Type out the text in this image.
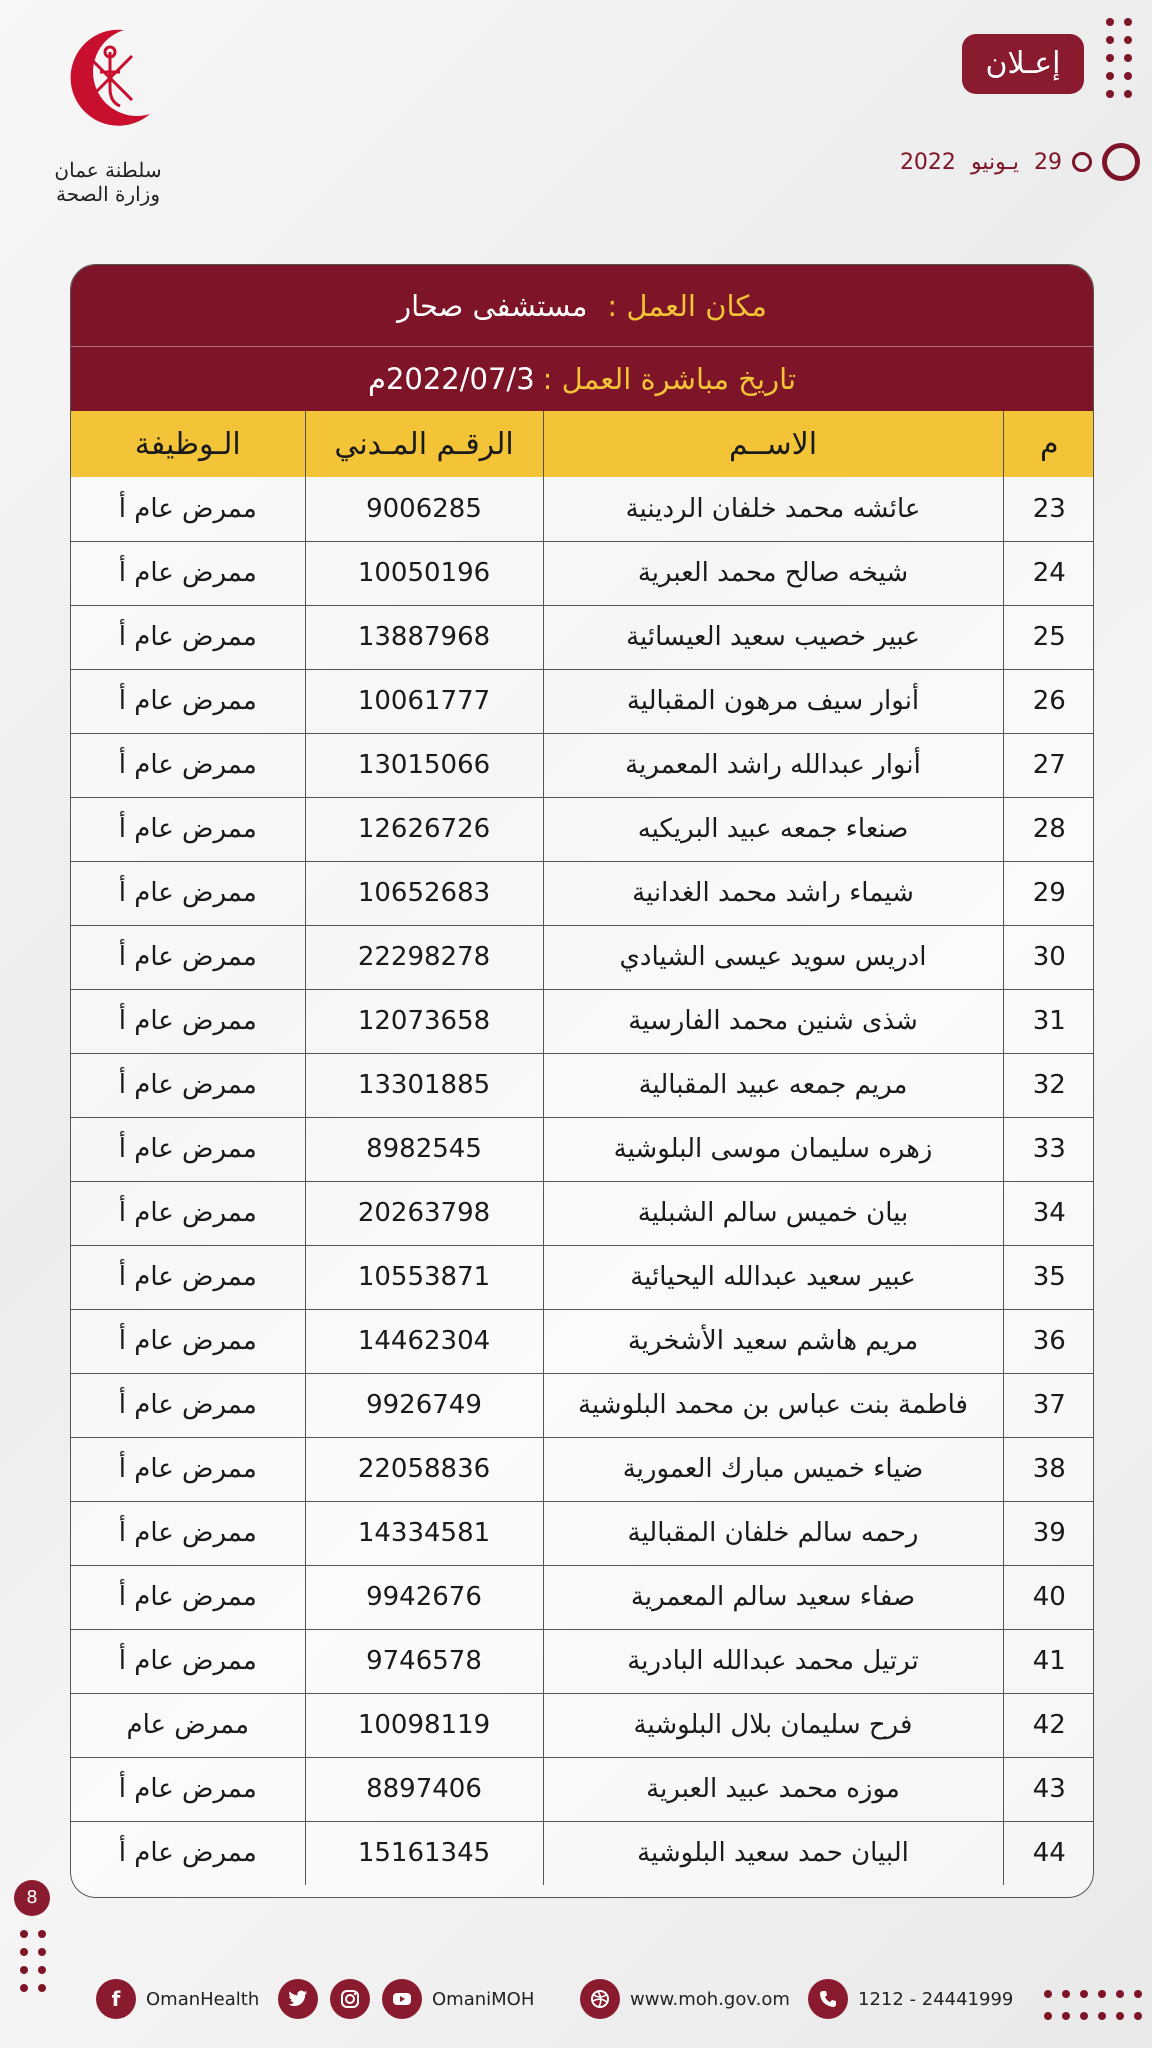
سلطنة عمان
وزارة الصحة
إعـلان
29 يـونيو 2022
مكان العمل :
مستشفى صحار
تاريخ مباشرة العمل :
2022/07/3م
م	الاســم	الرقـم المـدني	الـوظيفة
23	عائشه محمد خلفان الردينية	9006285	ممرض عام أ
24	شيخه صالح محمد العبرية	10050196	ممرض عام أ
25	عبير خصيب سعيد العيسائية	13887968	ممرض عام أ
26	أنوار سيف مرهون المقبالية	10061777	ممرض عام أ
27	أنوار عبدالله راشد المعمرية	13015066	ممرض عام أ
28	صنعاء جمعه عبيد البريكيه	12626726	ممرض عام أ
29	شيماء راشد محمد الغدانية	10652683	ممرض عام أ
30	ادريس سويد عيسى الشيادي	22298278	ممرض عام أ
31	شذى شنين محمد الفارسية	12073658	ممرض عام أ
32	مريم جمعه عبيد المقبالية	13301885	ممرض عام أ
33	زهره سليمان موسى البلوشية	8982545	ممرض عام أ
34	بيان خميس سالم الشبلية	20263798	ممرض عام أ
35	عبير سعيد عبدالله اليحيائية	10553871	ممرض عام أ
36	مريم هاشم سعيد الأشخرية	14462304	ممرض عام أ
37	فاطمة بنت عباس بن محمد البلوشية	9926749	ممرض عام أ
38	ضياء خميس مبارك العمورية	22058836	ممرض عام أ
39	رحمه سالم خلفان المقبالية	14334581	ممرض عام أ
40	صفاء سعيد سالم المعمرية	9942676	ممرض عام أ
41	ترتيل محمد عبدالله البادرية	9746578	ممرض عام أ
42	فرح سليمان بلال البلوشية	10098119	ممرض عام
43	موزه محمد عبيد العبرية	8897406	ممرض عام أ
44	البيان حمد سعيد البلوشية	15161345	ممرض عام أ
8
f	OmanHealth	OmaniMOH	www.moh.gov.om	1212 - 24441999
